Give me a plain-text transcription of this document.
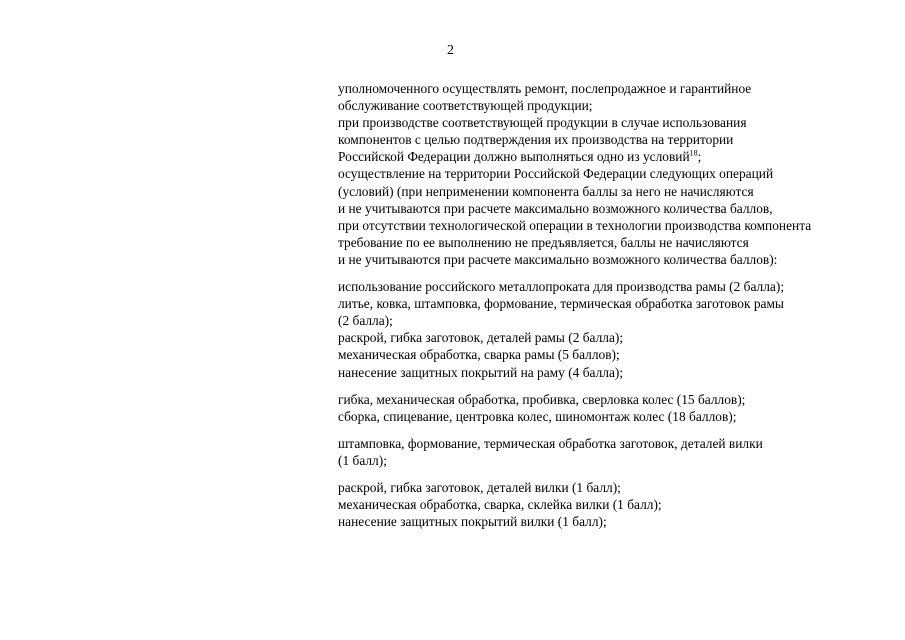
2
уполномоченного осуществлять ремонт, послепродажное и гарантийное
обслуживание соответствующей продукции;
при производстве соответствующей продукции в случае использования
компонентов с целью подтверждения их производства на территории
Российской Федерации должно выполняться одно из условий$^{18}$;
осуществление на территории Российской Федерации следующих операций
(условий) (при неприменении компонента баллы за него не начисляются
и не учитываются при расчете максимально возможного количества баллов,
при отсутствии технологической операции в технологии производства компонента
требование по ее выполнению не предъявляется, баллы не начисляются
и не учитываются при расчете максимально возможного количества баллов):
использование российского металлопроката для производства рамы (2 балла);
литье, ковка, штамповка, формование, термическая обработка заготовок рамы
(2 балла);
раскрой, гибка заготовок, деталей рамы (2 балла);
механическая обработка, сварка рамы (5 баллов);
нанесение защитных покрытий на раму (4 балла);
гибка, механическая обработка, пробивка, сверловка колес (15 баллов);
сборка, спицевание, центровка колес, шиномонтаж колес (18 баллов);
штамповка, формование, термическая обработка заготовок, деталей вилки
(1 балл);
раскрой, гибка заготовок, деталей вилки (1 балл);
механическая обработка, сварка, склейка вилки (1 балл);
нанесение защитных покрытий вилки (1 балл);
